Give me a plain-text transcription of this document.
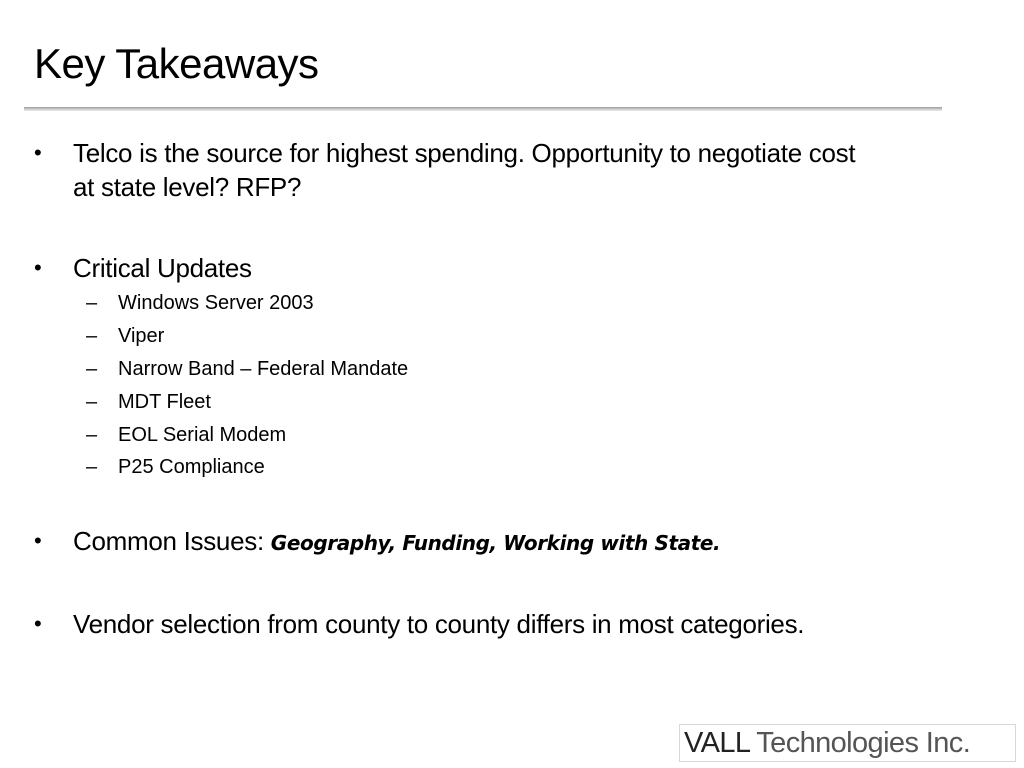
Key Takeaways
• Telco is the source for highest spending. Opportunity to negotiate cost
at state level? RFP?
• Critical Updates
– Windows Server 2003
– Viper
– Narrow Band – Federal Mandate
– MDT Fleet
– EOL Serial Modem
– P25 Compliance
• Common Issues: Geography, Funding, Working with State.
• Vendor selection from county to county differs in most categories.
VALL Technologies Inc.
